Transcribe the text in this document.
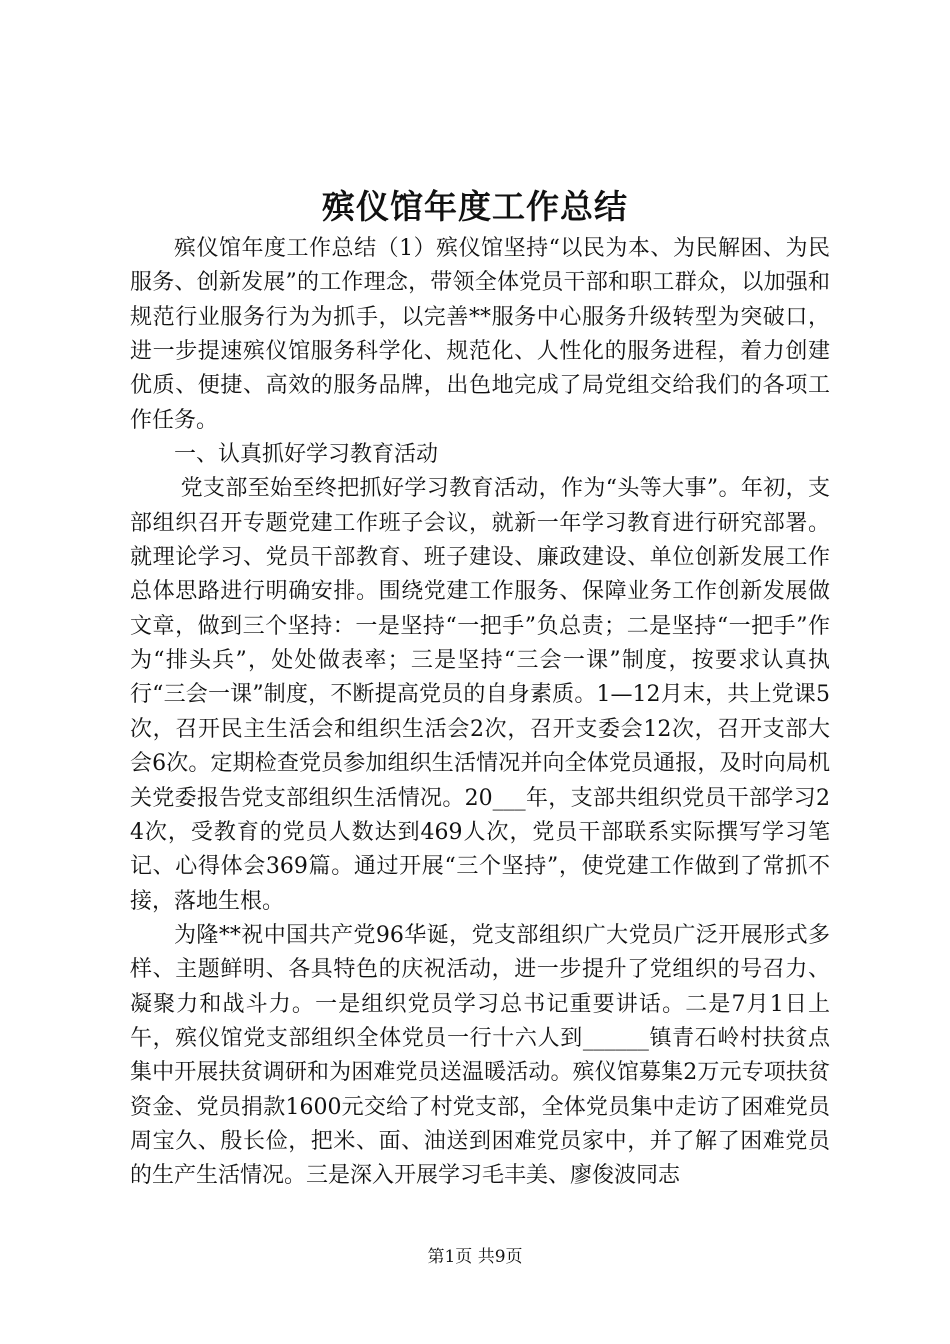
殡仪馆年度工作总结

殡仪馆年度工作总结（1）殡仪馆坚持“以民为本、为民解困、为民服务、创新发展”的工作理念，带领全体党员干部和职工群众，以加强和规范行业服务行为为抓手，以完善**服务中心服务升级转型为突破口，进一步提速殡仪馆服务科学化、规范化、人性化的服务进程，着力创建优质、便捷、高效的服务品牌，出色地完成了局党组交给我们的各项工作任务。

一、认真抓好学习教育活动

党支部至始至终把抓好学习教育活动，作为“头等大事”。年初，支部组织召开专题党建工作班子会议，就新一年学习教育进行研究部署。就理论学习、党员干部教育、班子建设、廉政建设、单位创新发展工作总体思路进行明确安排。围绕党建工作服务、保障业务工作创新发展做文章，做到三个坚持：一是坚持“一把手”负总责；二是坚持“一把手”作为“排头兵”，处处做表率；三是坚持“三会一课”制度，按要求认真执行“三会一课”制度，不断提高党员的自身素质。1—12月末，共上党课5次，召开民主生活会和组织生活会2次，召开支委会12次，召开支部大会6次。定期检查党员参加组织生活情况并向全体党员通报，及时向局机关党委报告党支部组织生活情况。20___年，支部共组织党员干部学习24次，受教育的党员人数达到469人次，党员干部联系实际撰写学习笔记、心得体会369篇。通过开展“三个坚持”，使党建工作做到了常抓不接，落地生根。

为隆**祝中国共产党96华诞，党支部组织广大党员广泛开展形式多样、主题鲜明、各具特色的庆祝活动，进一步提升了党组织的号召力、凝聚力和战斗力。一是组织党员学习总书记重要讲话。二是7月1日上午，殡仪馆党支部组织全体党员一行十六人到______镇青石岭村扶贫点集中开展扶贫调研和为困难党员送温暖活动。殡仪馆募集2万元专项扶贫资金、党员捐款1600元交给了村党支部，全体党员集中走访了困难党员周宝久、殷长俭，把米、面、油送到困难党员家中，并了解了困难党员的生产生活情况。三是深入开展学习毛丰美、廖俊波同志

第1页 共9页
